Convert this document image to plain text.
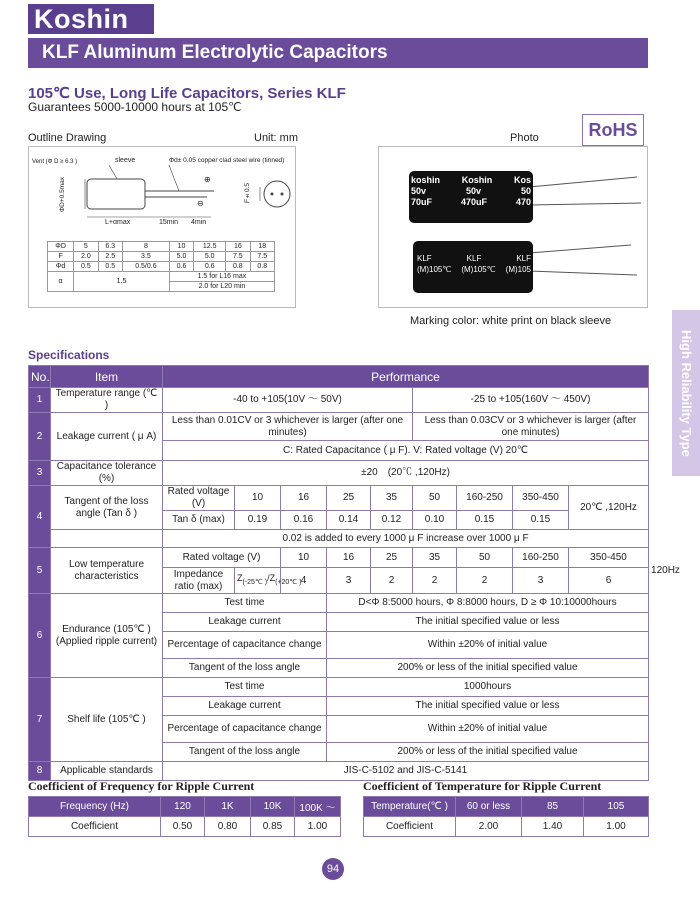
Koshin
KLF Aluminum Electrolytic Capacitors
105℃ Use, Long Life Capacitors, Series KLF
Guarantees 5000-10000 hours at 105℃
Outline Drawing	Unit: mm	Photo	RoHS
Vent (Φ D ≥ 6.3 )	sleeve	Φd± 0.05 copper clad steel wire (tinned)
ΦD+0.5max
L+αmax	15min 4min
F±0.5
⊕
⊖
ΦD	5	6.3	8	10	12.5	16	18
F	2.0	2.5	3.5	5.0	5.0	7.5	7.5
Φd	0.5	0.5	0.5/0.6	0.6	0.6	0.8	0.8
α	1.5			1.5 for L16 max			
				2.0 for L20 min			
koshin Koshin Kos
50v	50v	50
70uF	470uF	470
KLF	KLF	KLF
(M)105℃ (M)105℃ (M)105
Marking color: white print on black sleeve
High Reliability Type
Specifications
No.	Item	Performance									
1	Temperature range (℃ )	-40 to +105(10V ～ 50V)					-25 to +105(160V ～ 450V)				
2	Leakage current ( μ A)	Less than 0.01CV or 3 whichever is larger (after one minutes)					Less than 0.03CV or 3 whichever is larger (after one minutes)				
		C: Rated Capacitance ( μ F). V: Rated voltage (V) 20℃									
3	Capacitance tolerance (%)	±20　(20℃ ,120Hz)									
4	Tangent of the loss angle (Tan δ )	Rated voltage (V)	10	16	25	35	50	160-250	350-450	20℃ ,120Hz	
		Tan δ (max)	0.19	0.16	0.14	0.12	0.10	0.15	0.15		
		0.02 is added to every 1000 μ F increase over 1000 μ F									
5	Low temperature characteristics	Rated voltage (V)		10	16	25	35	50	160-250	350-450	120Hz
		Impedance ratio (max)	$Z_{(-25℃ )}/Z_{(+20℃ )}$	4	3	2	2	2	3	6	
6	Endurance (105℃ )
(Applied ripple current)	Test time			D<Φ 8:5000 hours, Φ 8:8000 hours, D ≥ Φ 10:10000hours						
		Leakage current			The initial specified value or less						
		Percentage of capacitance change			Within ±20% of initial value						
		Tangent of the loss angle			200% or less of the initial specified value						
7	Shelf life (105℃ )	Test time			1000hours						
		Leakage current			The initial specified value or less						
		Percentage of capacitance change			Within ±20% of initial value						
		Tangent of the loss angle			200% or less of the initial specified value						
8	Applicable standards	JIS-C-5102 and JIS-C-5141									
Coefficient of Frequency for Ripple Current
Frequency (Hz)	120	1K	10K	100K ～
Coefficient	0.50	0.80	0.85	1.00
Coefficient of Temperature for Ripple Current
Temperature(℃ )	60 or less	85	105
Coefficient	2.00	1.40	1.00
94
